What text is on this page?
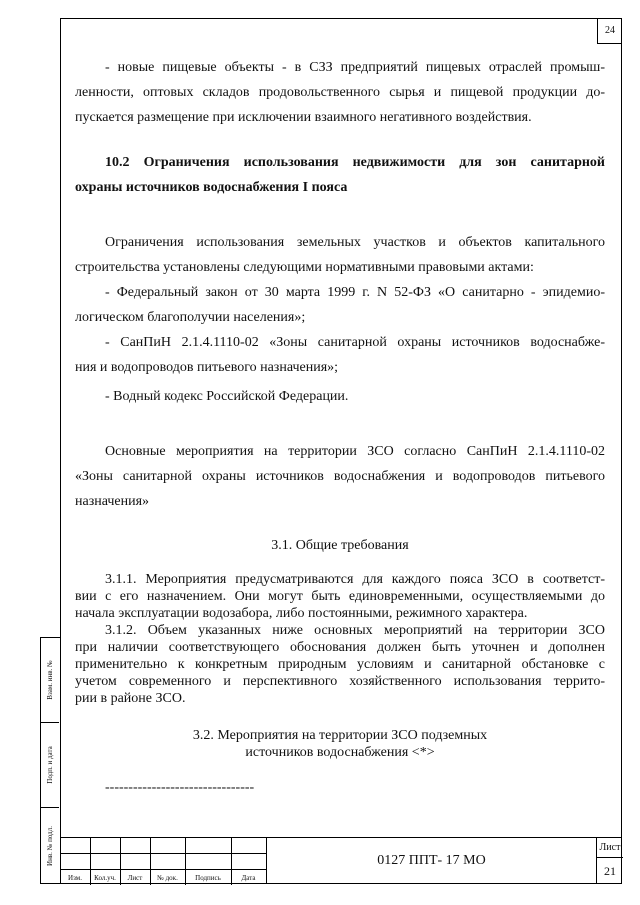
24
- новые пищевые объекты - в СЗЗ предприятий пищевых отраслей промыш-
ленности, оптовых складов продовольственного сырья и пищевой продукции до-
пускается размещение при исключении взаимного негативного воздействия.
10.2 Ограничения использования недвижимости для зон санитарной
охраны источников водоснабжения I пояса
Ограничения использования земельных участков и объектов капитального
строительства установлены следующими нормативными правовыми актами:
- Федеральный закон от 30 марта 1999 г. N 52-ФЗ «О санитарно - эпидемио-
логическом благополучии населения»;
- СанПиН 2.1.4.1110-02 «Зоны санитарной охраны источников водоснабже-
ния и водопроводов питьевого назначения»;
- Водный кодекс Российской Федерации.
Основные мероприятия на территории ЗСО согласно СанПиН 2.1.4.1110-02
«Зоны санитарной охраны источников водоснабжения и водопроводов питьевого
назначения»
3.1. Общие требования
3.1.1. Мероприятия предусматриваются для каждого пояса ЗСО в соответст-
вии с его назначением. Они могут быть единовременными, осуществляемыми до
начала эксплуатации водозабора, либо постоянными, режимного характера.
3.1.2. Объем указанных ниже основных мероприятий на территории ЗСО
при наличии соответствующего обоснования должен быть уточнен и дополнен
применительно к конкретным природным условиям и санитарной обстановке с
учетом современного и перспективного хозяйственного использования террито-
рии в районе ЗСО.
3.2. Мероприятия на территории ЗСО подземных
источников водоснабжения <*>
--------------------------------
Взам. инв. №
Подп. и дата
Инв. № подл.
Изм.	Кол.уч.	Лист	№ док.	Подпись	Дата
0127 ППТ- 17 МО
Лист
21
